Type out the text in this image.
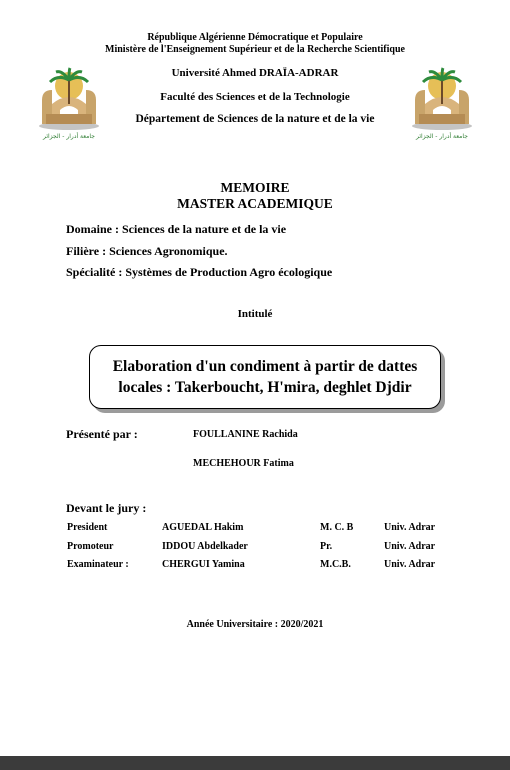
جامعة أدرار - الجزائر	جامعة أدرار - الجزائر
République Algérienne Démocratique et Populaire
Ministère de l'Enseignement Supérieur et de la Recherche Scientifique
Université Ahmed DRAÏA-ADRAR
Faculté des Sciences et de la Technologie
Département de Sciences de la nature et de la vie
MEMOIRE
MASTER ACADEMIQUE
Domaine : Sciences de la nature et de la vie
Filière : Sciences Agronomique.
Spécialité : Systèmes de Production Agro écologique
Intitulé
Elaboration d'un condiment à partir de dattes
locales : Takerboucht, H'mira, deghlet Djdir
Présenté par :	FOULLANINE Rachida
MECHEHOUR Fatima
Devant le jury :
President	AGUEDAL Hakim	M. C. B	Univ. Adrar
Promoteur	IDDOU Abdelkader	Pr.	Univ. Adrar
Examinateur :	CHERGUI Yamina	M.C.B.	Univ. Adrar
Année Universitaire : 2020/2021
